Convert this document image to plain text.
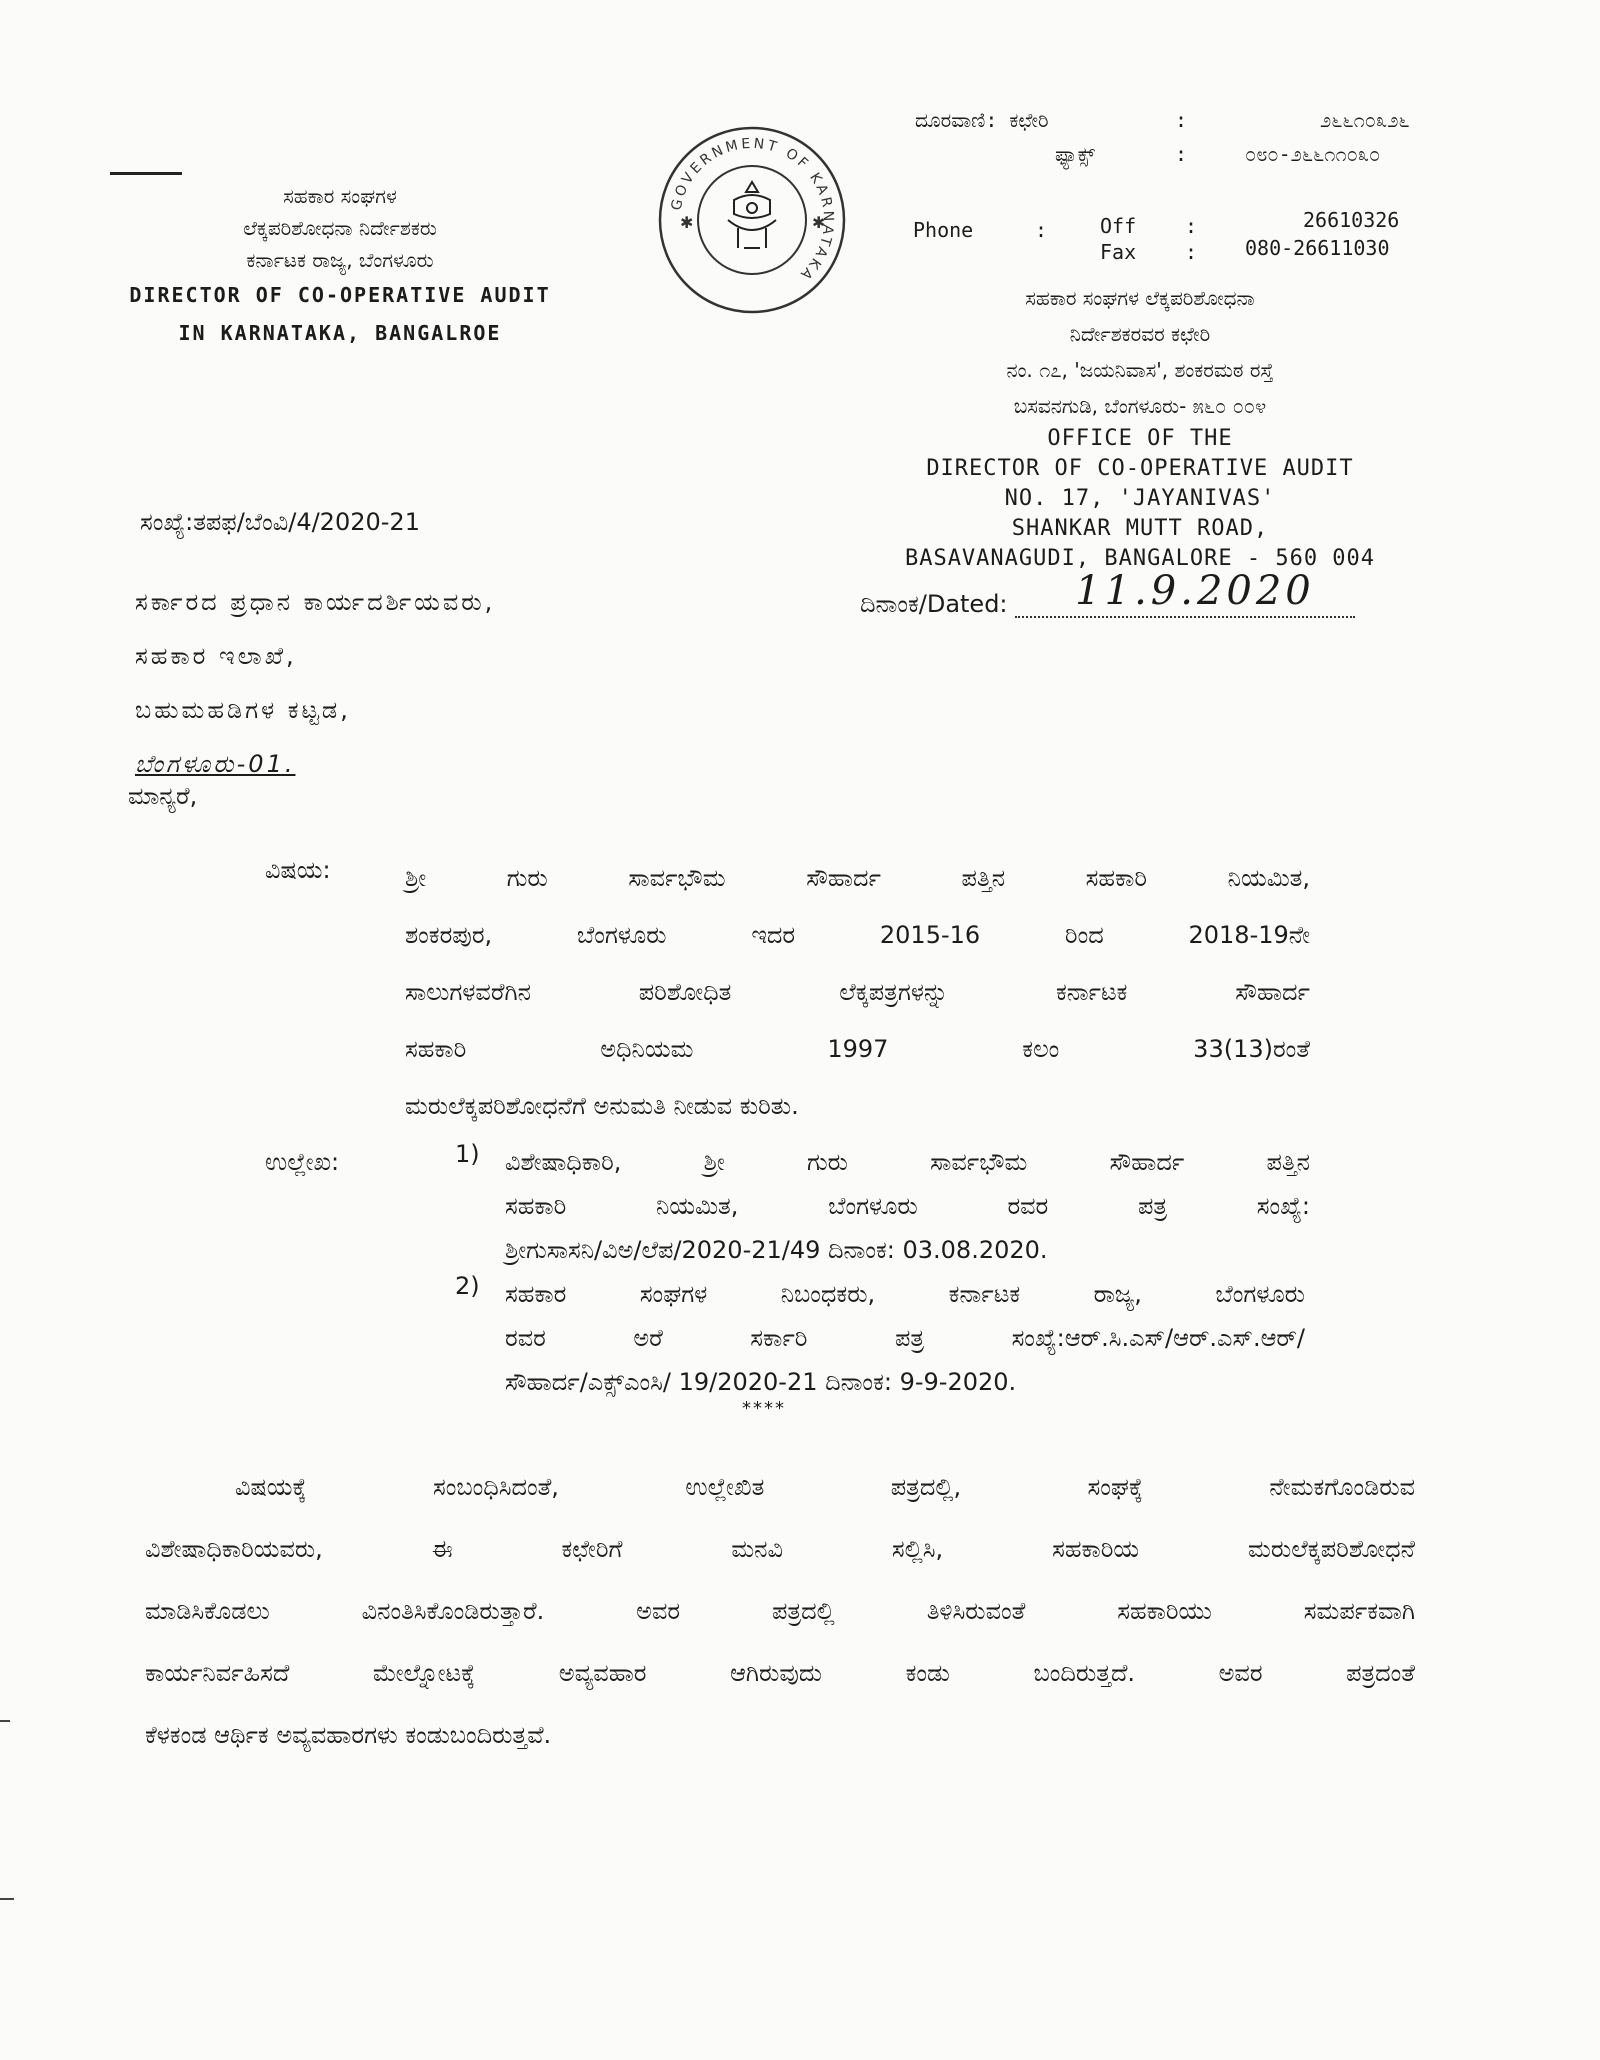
ಸಹಕಾರ ಸಂಘಗಳ
ಲೆಕ್ಕಪರಿಶೋಧನಾ ನಿರ್ದೇಶಕರು
ಕರ್ನಾಟಕ ರಾಜ್ಯ, ಬೆಂಗಳೂರು
DIRECTOR OF CO-OPERATIVE AUDIT
IN KARNATAKA, BANGALROE
GOVERNMENT OF KARNATAKA
✱	✱
ದೂರವಾಣಿ: ಕಛೇರಿ	:	೨೬೬೧೦೩೨೬
ಫ್ಯಾಕ್ಸ್	:	೦೮೦-೨೬೬೧೧೦೩೦
Phone	:	Off :	26610326
Fax : 080-26611030
ಸಹಕಾರ ಸಂಘಗಳ ಲೆಕ್ಕಪರಿಶೋಧನಾ
ನಿರ್ದೇಶಕರವರ ಕಛೇರಿ
ನಂ. ೧೭, 'ಜಯನಿವಾಸ', ಶಂಕರಮಠ ರಸ್ತೆ
ಬಸವನಗುಡಿ, ಬೆಂಗಳೂರು- ೫೬೦ ೦೦೪
OFFICE OF THE
DIRECTOR OF CO-OPERATIVE AUDIT
NO. 17, 'JAYANIVAS'
SHANKAR MUTT ROAD,
BASAVANAGUDI, BANGALORE - 560 004
ಸಂಖ್ಯೆ:ತಪಫ/ಬೆಂವಿ/4/2020-21
ದಿನಾಂಕ/Dated: 11.9.2020
ಸರ್ಕಾರದ ಪ್ರಧಾನ ಕಾರ್ಯದರ್ಶಿಯವರು,
ಸಹಕಾರ ಇಲಾಖೆ,
ಬಹುಮಹಡಿಗಳ ಕಟ್ಟಡ,
ಬೆಂಗಳೂರು-01.
ಮಾನ್ಯರೆ,
ವಿಷಯ:	ಶ್ರೀ ಗುರು ಸಾರ್ವಭೌಮ ಸೌಹಾರ್ದ ಪತ್ತಿನ ಸಹಕಾರಿ ನಿಯಮಿತ,
ಶಂಕರಪುರ, ಬೆಂಗಳೂರು ಇದರ 2015-16 ರಿಂದ 2018-19ನೇ
ಸಾಲುಗಳವರೆಗಿನ ಪರಿಶೋಧಿತ ಲೆಕ್ಕಪತ್ರಗಳನ್ನು ಕರ್ನಾಟಕ ಸೌಹಾರ್ದ
ಸಹಕಾರಿ ಅಧಿನಿಯಮ 1997 ಕಲಂ 33(13)ರಂತೆ
ಮರುಲೆಕ್ಕಪರಿಶೋಧನೆಗೆ ಅನುಮತಿ ನೀಡುವ ಕುರಿತು.
ಉಲ್ಲೇಖ:	1) ವಿಶೇಷಾಧಿಕಾರಿ, ಶ್ರೀ ಗುರು ಸಾರ್ವಭೌಮ ಸೌಹಾರ್ದ ಪತ್ತಿನ
ಸಹಕಾರಿ ನಿಯಮಿತ, ಬೆಂಗಳೂರು ರವರ ಪತ್ರ ಸಂಖ್ಯೆ:
ಶ್ರೀಗುಸಾಸನಿ/ವಿಅ/ಲೆಪ/2020-21/49 ದಿನಾಂಕ: 03.08.2020.
2) ಸಹಕಾರ ಸಂಘಗಳ ನಿಬಂಧಕರು, ಕರ್ನಾಟಕ ರಾಜ್ಯ, ಬೆಂಗಳೂರು
ರವರ ಅರೆ ಸರ್ಕಾರಿ ಪತ್ರ ಸಂಖ್ಯೆ:ಆರ್.ಸಿ.ಎಸ್/ಆರ್.ಎಸ್.ಆರ್/
ಸೌಹಾರ್ದ/ಎಕ್ಸ್‌ಎಂಸಿ/ 19/2020-21 ದಿನಾಂಕ: 9-9-2020.
****
ವಿಷಯಕ್ಕೆ ಸಂಬಂಧಿಸಿದಂತೆ, ಉಲ್ಲೇಖಿತ ಪತ್ರದಲ್ಲಿ, ಸಂಘಕ್ಕೆ ನೇಮಕಗೊಂಡಿರುವ
ವಿಶೇಷಾಧಿಕಾರಿಯವರು, ಈ ಕಛೇರಿಗೆ ಮನವಿ ಸಲ್ಲಿಸಿ, ಸಹಕಾರಿಯ ಮರುಲೆಕ್ಕಪರಿಶೋಧನೆ
ಮಾಡಿಸಿಕೊಡಲು ವಿನಂತಿಸಿಕೊಂಡಿರುತ್ತಾರೆ. ಅವರ ಪತ್ರದಲ್ಲಿ ತಿಳಿಸಿರುವಂತೆ ಸಹಕಾರಿಯು ಸಮರ್ಪಕವಾಗಿ
ಕಾರ್ಯನಿರ್ವಹಿಸದೆ ಮೇಲ್ನೋಟಕ್ಕೆ ಅವ್ಯವಹಾರ ಆಗಿರುವುದು ಕಂಡು ಬಂದಿರುತ್ತದೆ. ಅವರ ಪತ್ರದಂತೆ
ಕೆಳಕಂಡ ಆರ್ಥಿಕ ಅವ್ಯವಹಾರಗಳು ಕಂಡುಬಂದಿರುತ್ತವೆ.
